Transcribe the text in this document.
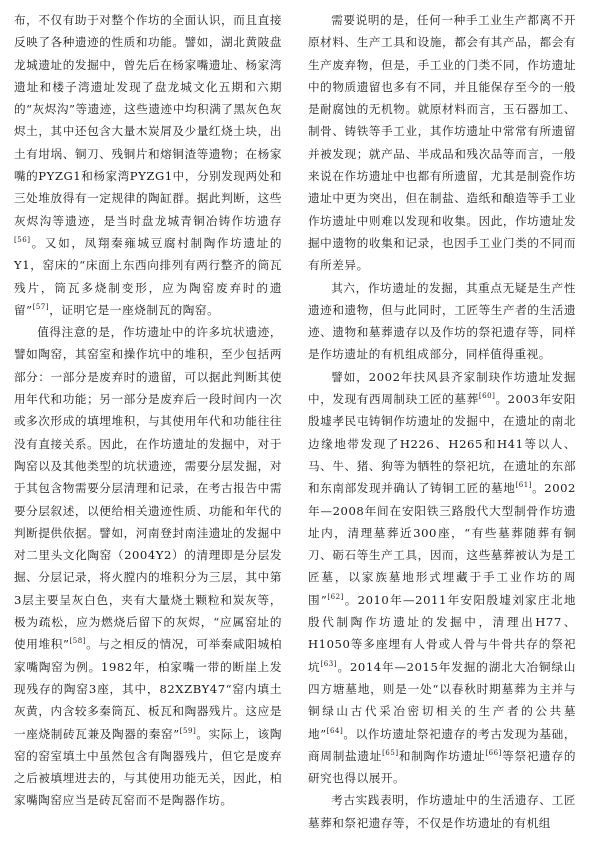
布，不仅有助于对整个作坊的全面认识，而且直接反映了各种遗迹的性质和功能。譬如，湖北黄陂盘龙城遗址的发掘中，曾先后在杨家嘴遗址、杨家湾遗址和楼子湾遗址发现了盘龙城文化五期和六期的“灰烬沟”等遗迹，这些遗迹中均积满了黑灰色灰烬土，其中还包含大量木炭屑及少量红烧土块，出土有坩埚、铜刀、残铜片和熔铜渣等遗物；在杨家嘴的PYZG1和杨家湾PYZG1中，分别发现两处和三处堆放得有一定规律的陶缸群。据此判断，这些灰烬沟等遗迹，是当时盘龙城青铜冶铸作坊遗存[56]。又如，凤翔秦雍城豆腐村制陶作坊遗址的Y1，窑床的“床面上东西向排列有两行整齐的筒瓦残片，筒瓦多烧制变形，应为陶窑废弃时的遗留”[57]，证明它是一座烧制瓦的陶窑。

值得注意的是，作坊遗址中的许多坑状遗迹，譬如陶窑，其窑室和操作坑中的堆积，至少包括两部分：一部分是废弃时的遗留，可以据此判断其使用年代和功能；另一部分是废弃后一段时间内一次或多次形成的填埋堆积，与其使用年代和功能往往没有直接关系。因此，在作坊遗址的发掘中，对于陶窑以及其他类型的坑状遗迹，需要分层发掘，对于其包含物需要分层清理和记录，在考古报告中需要分层叙述，以便给相关遗迹性质、功能和年代的判断提供依据。譬如，河南登封南洼遗址的发掘中对二里头文化陶窑（2004Y2）的清理即是分层发掘、分层记录，将火膛内的堆积分为三层，其中第3层主要呈灰白色，夹有大量烧土颗粒和炭灰等，极为疏松，应为燃烧后留下的灰烬，“应属窑址的使用堆积”[58]。与之相反的情况，可举秦咸阳城柏家嘴陶窑为例。1982年，柏家嘴一带的断崖上发现残存的陶窑3座，其中，82XZBY47“窑内填土灰黄，内含较多秦筒瓦、板瓦和陶器残片。这应是一座烧制砖瓦兼及陶器的秦窑”[59]。实际上，该陶窑的窑室填土中虽然包含有陶器残片，但它是废弃之后被填埋进去的，与其使用功能无关，因此，柏家嘴陶窑应当是砖瓦窑而不是陶器作坊。

需要说明的是，任何一种手工业生产都离不开原材料、生产工具和设施，都会有其产品，都会有生产废弃物，但是，手工业的门类不同，作坊遗址中的物质遗留也多有不同，并且能保存至今的一般是耐腐蚀的无机物。就原材料而言，玉石器加工、制骨、铸铁等手工业，其作坊遗址中常常有所遗留并被发现；就产品、半成品和残次品等而言，一般来说在作坊遗址中也都有所遗留，尤其是制瓷作坊遗址中更为突出，但在制盐、造纸和酿造等手工业作坊遗址中则难以发现和收集。因此，作坊遗址发掘中遗物的收集和记录，也因手工业门类的不同而有所差异。

其六，作坊遗址的发掘，其重点无疑是生产性遗迹和遗物，但与此同时，工匠等生产者的生活遗迹、遗物和墓葬遗存以及作坊的祭祀遗存等，同样是作坊遗址的有机组成部分，同样值得重视。

譬如，2002年扶风县齐家制玦作坊遗址发掘中，发现有西周制玦工匠的墓葬[60]。2003年安阳殷墟孝民屯铸铜作坊遗址的发掘中，在遗址的南北边缘地带发现了H226、H265和H41等以人、马、牛、猪、狗等为牺牲的祭祀坑，在遗址的东部和东南部发现并确认了铸铜工匠的墓地[61]。2002年—2008年间在安阳铁三路殷代大型制骨作坊遗址内，清理墓葬近300座，“有些墓葬随葬有铜刀、砺石等生产工具，因而，这些墓葬被认为是工匠墓，以家族墓地形式埋藏于手工业作坊的周围”[62]。2010年—2011年安阳殷墟刘家庄北地殷代制陶作坊遗址的发掘中，清理出H77、H1050等多座埋有人骨或人骨与牛骨共存的祭祀坑[63]。2014年—2015年发掘的湖北大冶铜绿山四方塘墓地，则是一处“以春秋时期墓葬为主并与铜绿山古代采冶密切相关的生产者的公共墓地”[64]。以作坊遗址祭祀遗存的考古发现为基础，商周制盐遗址[65]和制陶作坊遗址[66]等祭祀遗存的研究也得以展开。

考古实践表明，作坊遗址中的生活遗存、工匠墓葬和祭祀遗存等，不仅是作坊遗址的有机组
